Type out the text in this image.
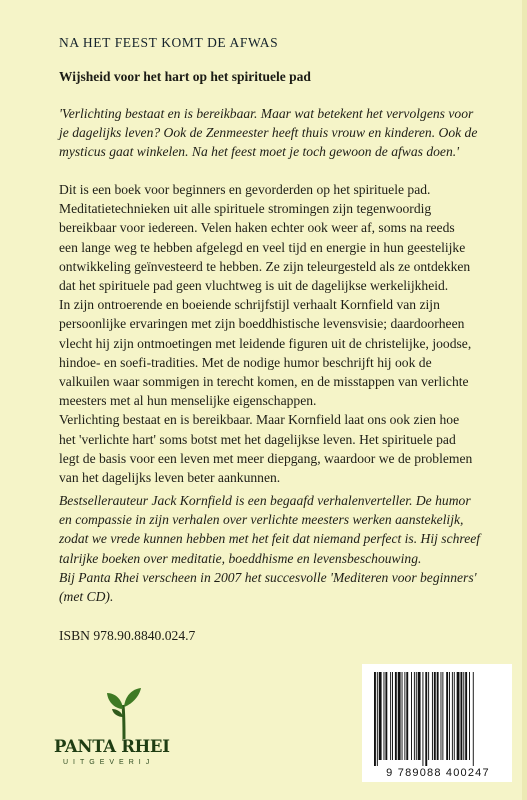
NA HET FEEST KOMT DE AFWAS
Wijsheid voor het hart op het spirituele pad

'Verlichting bestaat en is bereikbaar. Maar wat betekent het vervolgens voor

je dagelijks leven? Ook de Zenmeester heeft thuis vrouw en kinderen. Ook de

mysticus gaat winkelen. Na het feest moet je toch gewoon de afwas doen.'

Dit is een boek voor beginners en gevorderden op het spirituele pad.

Meditatietechnieken uit alle spirituele stromingen zijn tegenwoordig

bereikbaar voor iedereen. Velen haken echter ook weer af, soms na reeds

een lange weg te hebben afgelegd en veel tijd en energie in hun geestelijke

ontwikkeling geïnvesteerd te hebben. Ze zijn teleurgesteld als ze ontdekken

dat het spirituele pad geen vluchtweg is uit de dagelijkse werkelijkheid.

In zijn ontroerende en boeiende schrijfstijl verhaalt Kornfield van zijn

persoonlijke ervaringen met zijn boeddhistische levensvisie; daardoorheen

vlecht hij zijn ontmoetingen met leidende figuren uit de christelijke, joodse,

hindoe- en soefi-tradities. Met de nodige humor beschrijft hij ook de

valkuilen waar sommigen in terecht komen, en de misstappen van verlichte

meesters met al hun menselijke eigenschappen.

Verlichting bestaat en is bereikbaar. Maar Kornfield laat ons ook zien hoe

het 'verlichte hart' soms botst met het dagelijkse leven. Het spirituele pad

legt de basis voor een leven met meer diepgang, waardoor we de problemen

van het dagelijks leven beter aankunnen.

Bestsellerauteur Jack Kornfield is een begaafd verhalenverteller. De humor

en compassie in zijn verhalen over verlichte meesters werken aanstekelijk,

zodat we vrede kunnen hebben met het feit dat niemand perfect is. Hij schreef

talrijke boeken over meditatie, boeddhisme en levensbeschouwing.

Bij Panta Rhei verscheen in 2007 het succesvolle 'Mediteren voor beginners'

(met CD).

ISBN 978.90.8840.024.7
PANTA RHEI
UITGEVERIJ
9 789088 400247
